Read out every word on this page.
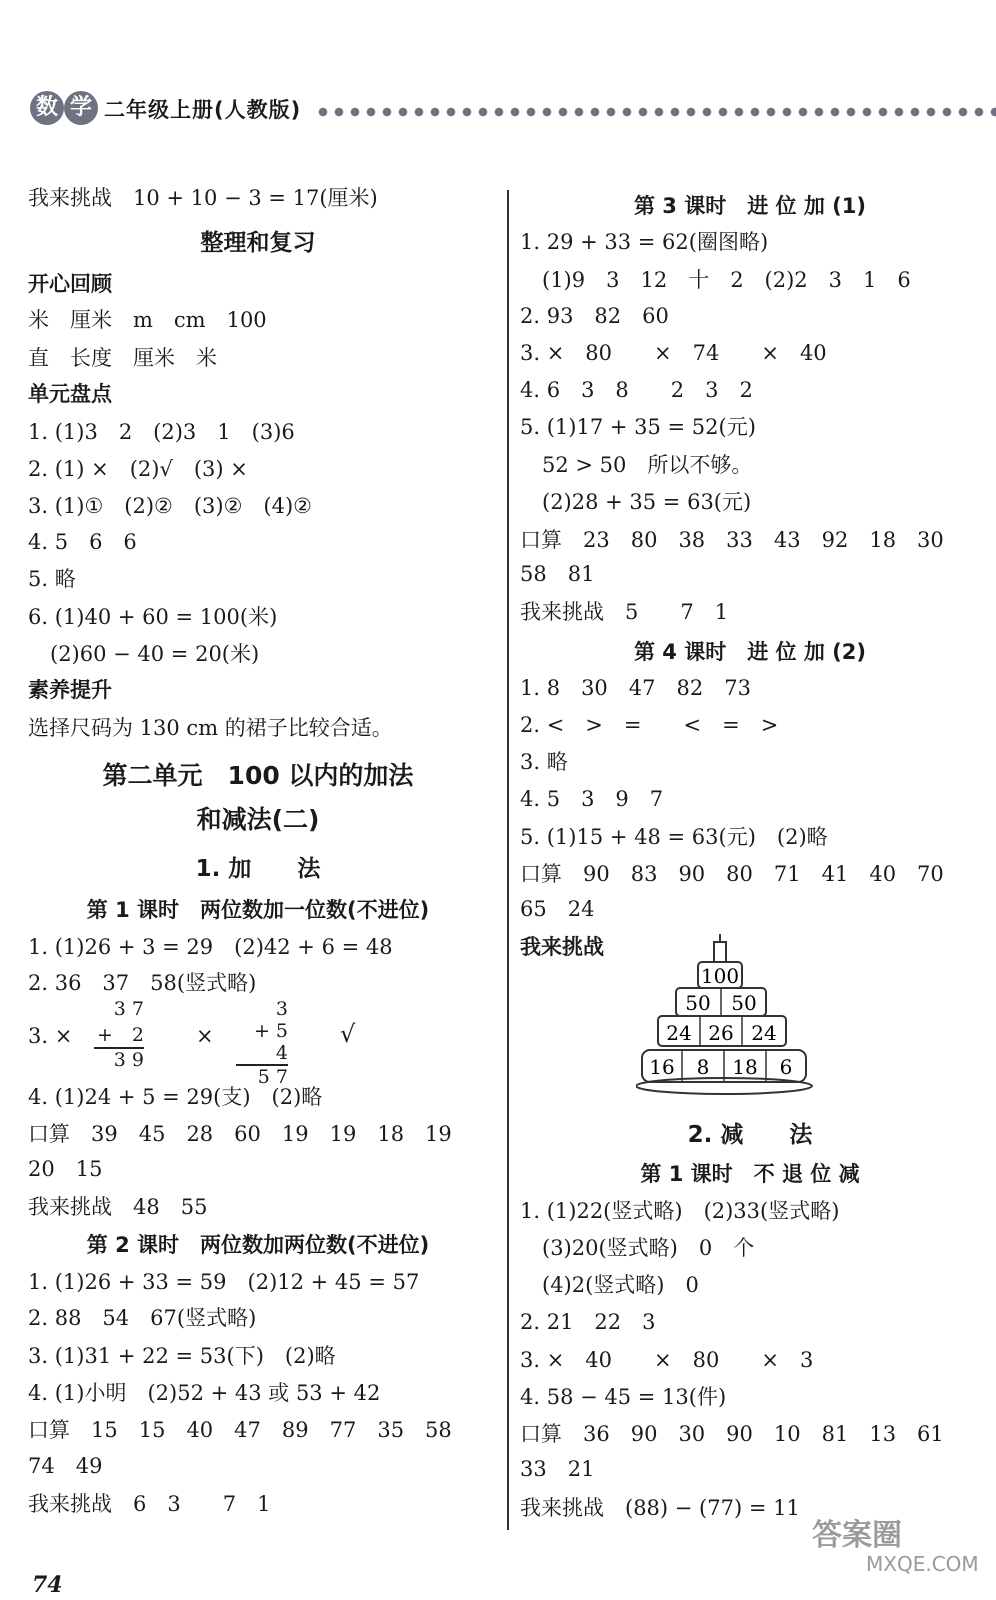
数 学 二年级上册(人教版)
我来挑战　10 + 10 − 3 = 17(厘米)
整理和复习
开心回顾
米　厘米　m　cm　100
直　长度　厘米　米
单元盘点
1. (1)3　2　(2)3　1　(3)6
2. (1) ×　(2)√　(3) ×
3. (1)①　(2)②　(3)②　(4)②
4. 5　6　6
5. 略
6. (1)40 + 60 = 100(米)
(2)60 − 40 = 20(米)
素养提升
选择尺码为 130 cm 的裙子比较合适。
第二单元　100 以内的加法
和减法(二)
1. 加　　法
第 1 课时　两位数加一位数(不进位)
1. (1)26 + 3 = 29　(2)42 + 6 = 48
2. 36　37　58(竖式略)
3. ×
3 7
+　2
3 9
×
3
+ 5 4
5 7
√
4. (1)24 + 5 = 29(支)　(2)略
口算　39　45　28　60　19　19　18　19
20　15
我来挑战　48　55
第 2 课时　两位数加两位数(不进位)
1. (1)26 + 33 = 59　(2)12 + 45 = 57
2. 88　54　67(竖式略)
3. (1)31 + 22 = 53(下)　(2)略
4. (1)小明　(2)52 + 43 或 53 + 42
口算　15　15　40　47　89　77　35　58
74　49
我来挑战　6　3　　7　1
第 3 课时　进 位 加 (1)
1. 29 + 33 = 62(圈图略)
(1)9　3　12　十　2　(2)2　3　1　6
2. 93　82　60
3. ×　80　　×　74　　×　40
4. 6　3　8　　2　3　2
5. (1)17 + 35 = 52(元)
52 > 50　所以不够。
(2)28 + 35 = 63(元)
口算　23　80　38　33　43　92　18　30
58　81
我来挑战　5　　7　1
第 4 课时　进 位 加 (2)
1. 8　30　47　82　73
2. <　>　=　　<　=　>
3. 略
4. 5　3　9　7
5. (1)15 + 48 = 63(元)　(2)略
口算　90　83　90　80　71　41　40　70
65　24
我来挑战
100
50 50
24 26 24
16 8 18 6
2. 减　　法
第 1 课时　不 退 位 减
1. (1)22(竖式略)　(2)33(竖式略)
(3)20(竖式略)　0　个
(4)2(竖式略)　0
2. 21　22　3
3. ×　40　　×　80　　×　3
4. 58 − 45 = 13(件)
口算　36　90　30　90　10　81　13　61
33　21
我来挑战　(88) − (77) = 11
74
答案圈
MXQE.COM
